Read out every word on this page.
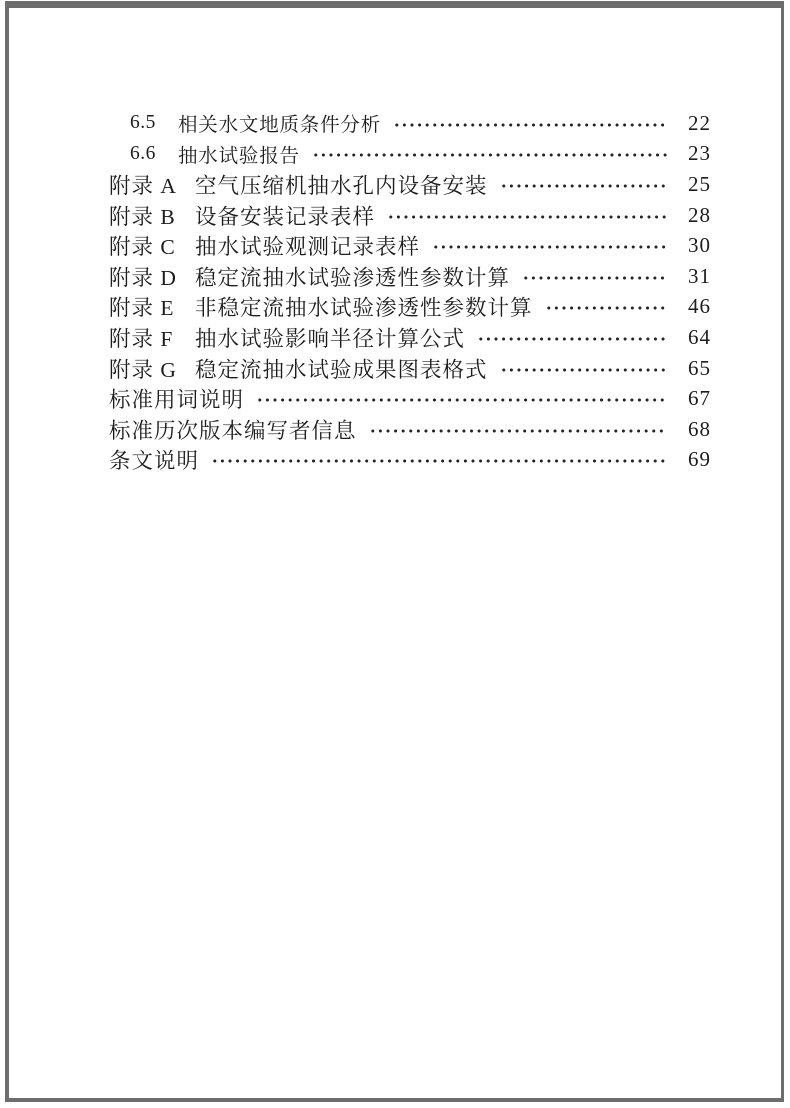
6.5	相关水文地质条件分析	22
6.6	抽水试验报告	23
附录 A 空气压缩机抽水孔内设备安装	25
附录 B 设备安装记录表样	28
附录 C 抽水试验观测记录表样	30
附录 D 稳定流抽水试验渗透性参数计算	31
附录 E 非稳定流抽水试验渗透性参数计算	46
附录 F	抽水试验影响半径计算公式	64
附录 G 稳定流抽水试验成果图表格式	65
标准用词说明	67
标准历次版本编写者信息	68
条文说明	69
